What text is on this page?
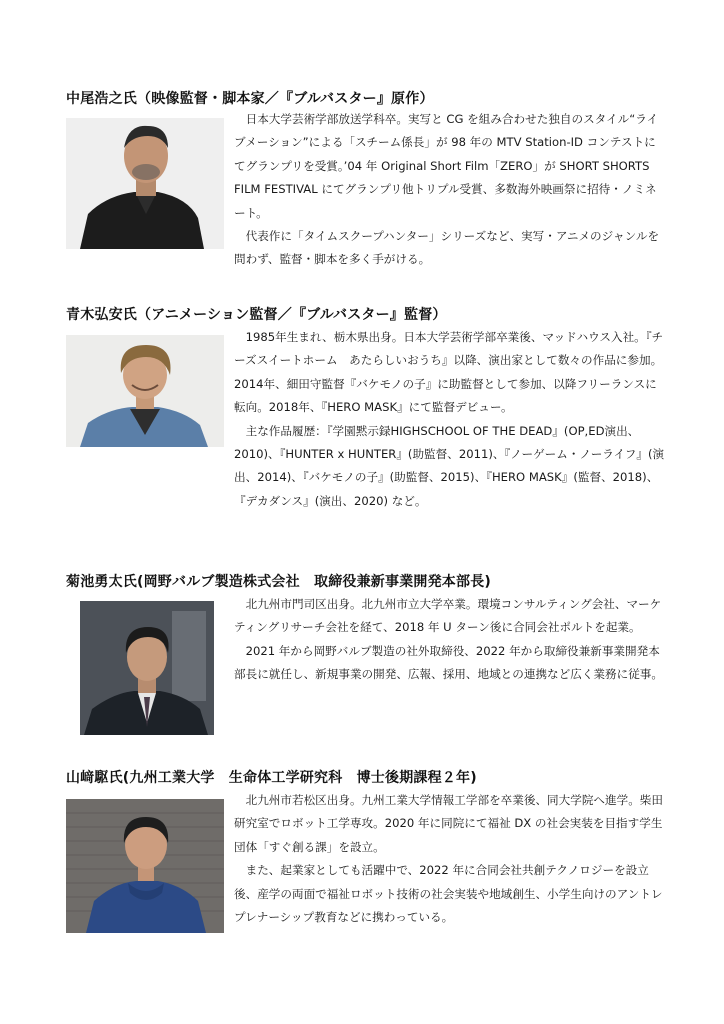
中尾浩之氏（映像監督・脚本家／『ブルバスター』原作）

日本大学芸術学部放送学科卒。実写と CG を組み合わせた独自のスタイル“ライブメーション”による「スチーム係長」が 98 年の MTV Station-ID コンテストにてグランプリを受賞。’04 年 Original Short Film「ZERO」が SHORT SHORTS FILM FESTIVAL にてグランプリ他トリプル受賞、多数海外映画祭に招待・ノミネート。

代表作に「タイムスクープハンター」シリーズなど、実写・アニメのジャンルを問わず、監督・脚本を多く手がける。

青木弘安氏（アニメーション監督／『ブルバスター』監督）

1985年生まれ、栃木県出身。日本大学芸術学部卒業後、マッドハウス入社。『チーズスイートホーム　あたらしいおうち』以降、演出家として数々の作品に参加。2014年、細田守監督『バケモノの子』に助監督として参加、以降フリーランスに転向。2018年、『HERO MASK』にて監督デビュー。

主な作品履歴：『学園黙示録HIGHSCHOOL OF THE DEAD』(OP,ED演出、2010)、『HUNTER x HUNTER』(助監督、2011)、『ノーゲーム・ノーライフ』(演出、2014)、『バケモノの子』(助監督、2015)、『HERO MASK』(監督、2018)、『デカダンス』(演出、2020) など。

菊池勇太氏(岡野バルブ製造株式会社　取締役兼新事業開発本部長)

北九州市門司区出身。北九州市立大学卒業。環境コンサルティング会社、マーケティングリサーチ会社を経て、2018 年 U ターン後に合同会社ポルトを起業。

2021 年から岡野バルブ製造の社外取締役、2022 年から取締役兼新事業開発本部長に就任し、新規事業の開発、広報、採用、地域との連携など広く業務に従事。

山﨑駆氏(九州工業大学　生命体工学研究科　博士後期課程２年)

北九州市若松区出身。九州工業大学情報工学部を卒業後、同大学院へ進学。柴田研究室でロボット工学専攻。2020 年に同院にて福祉 DX の社会実装を目指す学生団体「すぐ創る課」を設立。

また、起業家としても活躍中で、2022 年に合同会社共創テクノロジーを設立後、産学の両面で福祉ロボット技術の社会実装や地域創生、小学生向けのアントレプレナーシップ教育などに携わっている。
